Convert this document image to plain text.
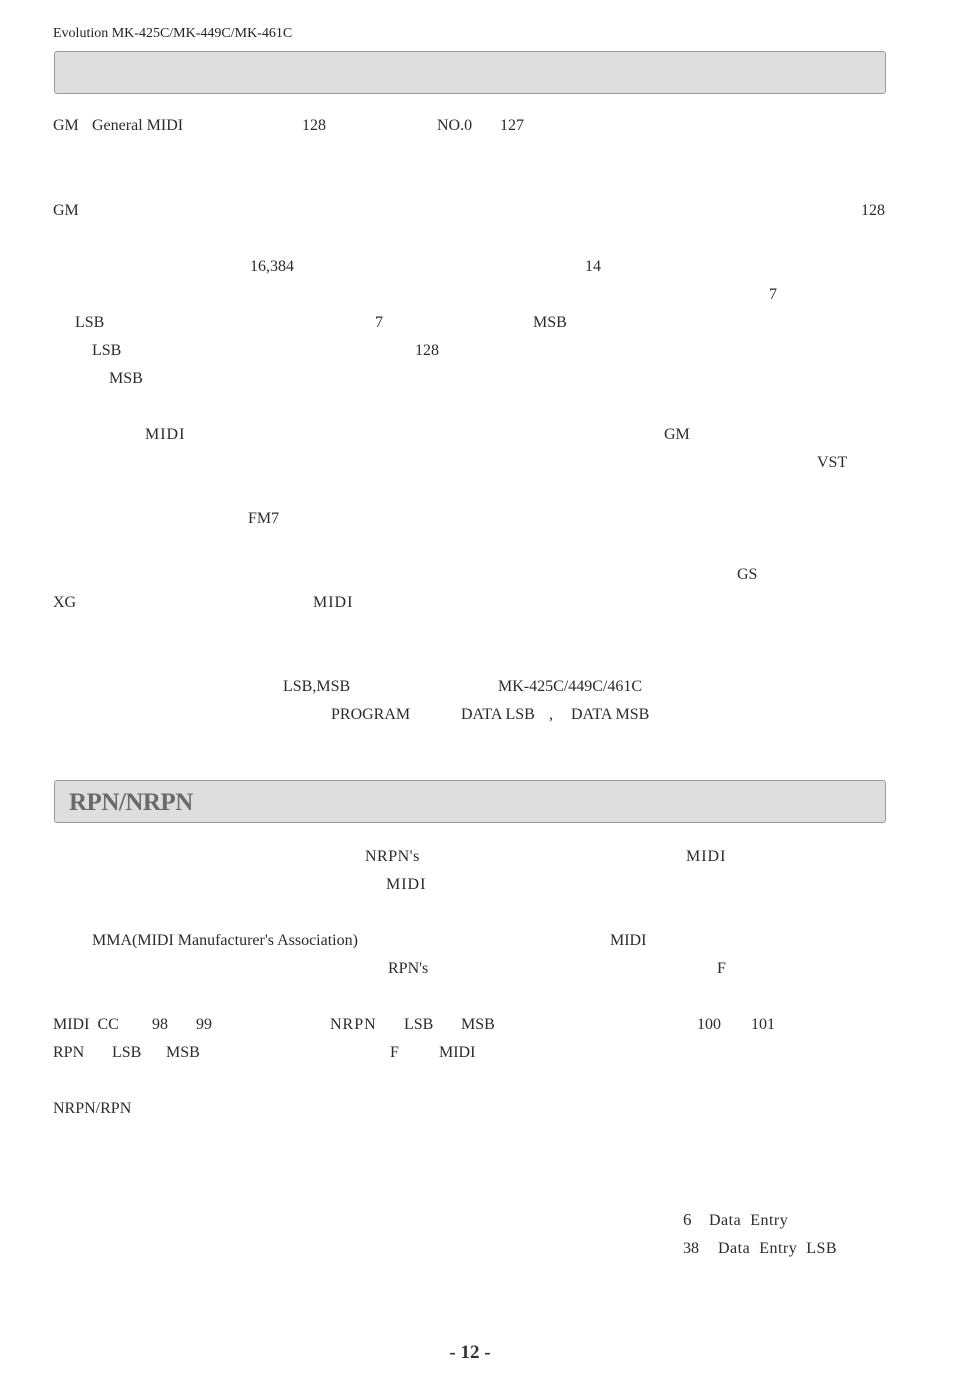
Evolution MK-425C/MK-449C/MK-461C
GM General MIDI	128	NO.0 127
GM	128
16,384	14
7
LSB	7	MSB
LSB	128
MSB
MIDI	GM
VST
FM7
GS
XG	MIDI
LSB,MSB	MK-425C/449C/461C
PROGRAM	DATA LSB , DATA MSB
RPN/NRPN
NRPN's	MIDI
MIDI
MMA(MIDI Manufacturer's Association)	MIDI
RPN's	F
MIDI  CC 98 99	NRPN LSB MSB	100 101
RPN LSB MSB	F	MIDI
NRPN/RPN
6 Data  Entry
38 Data  Entry  LSB
- 12 -
